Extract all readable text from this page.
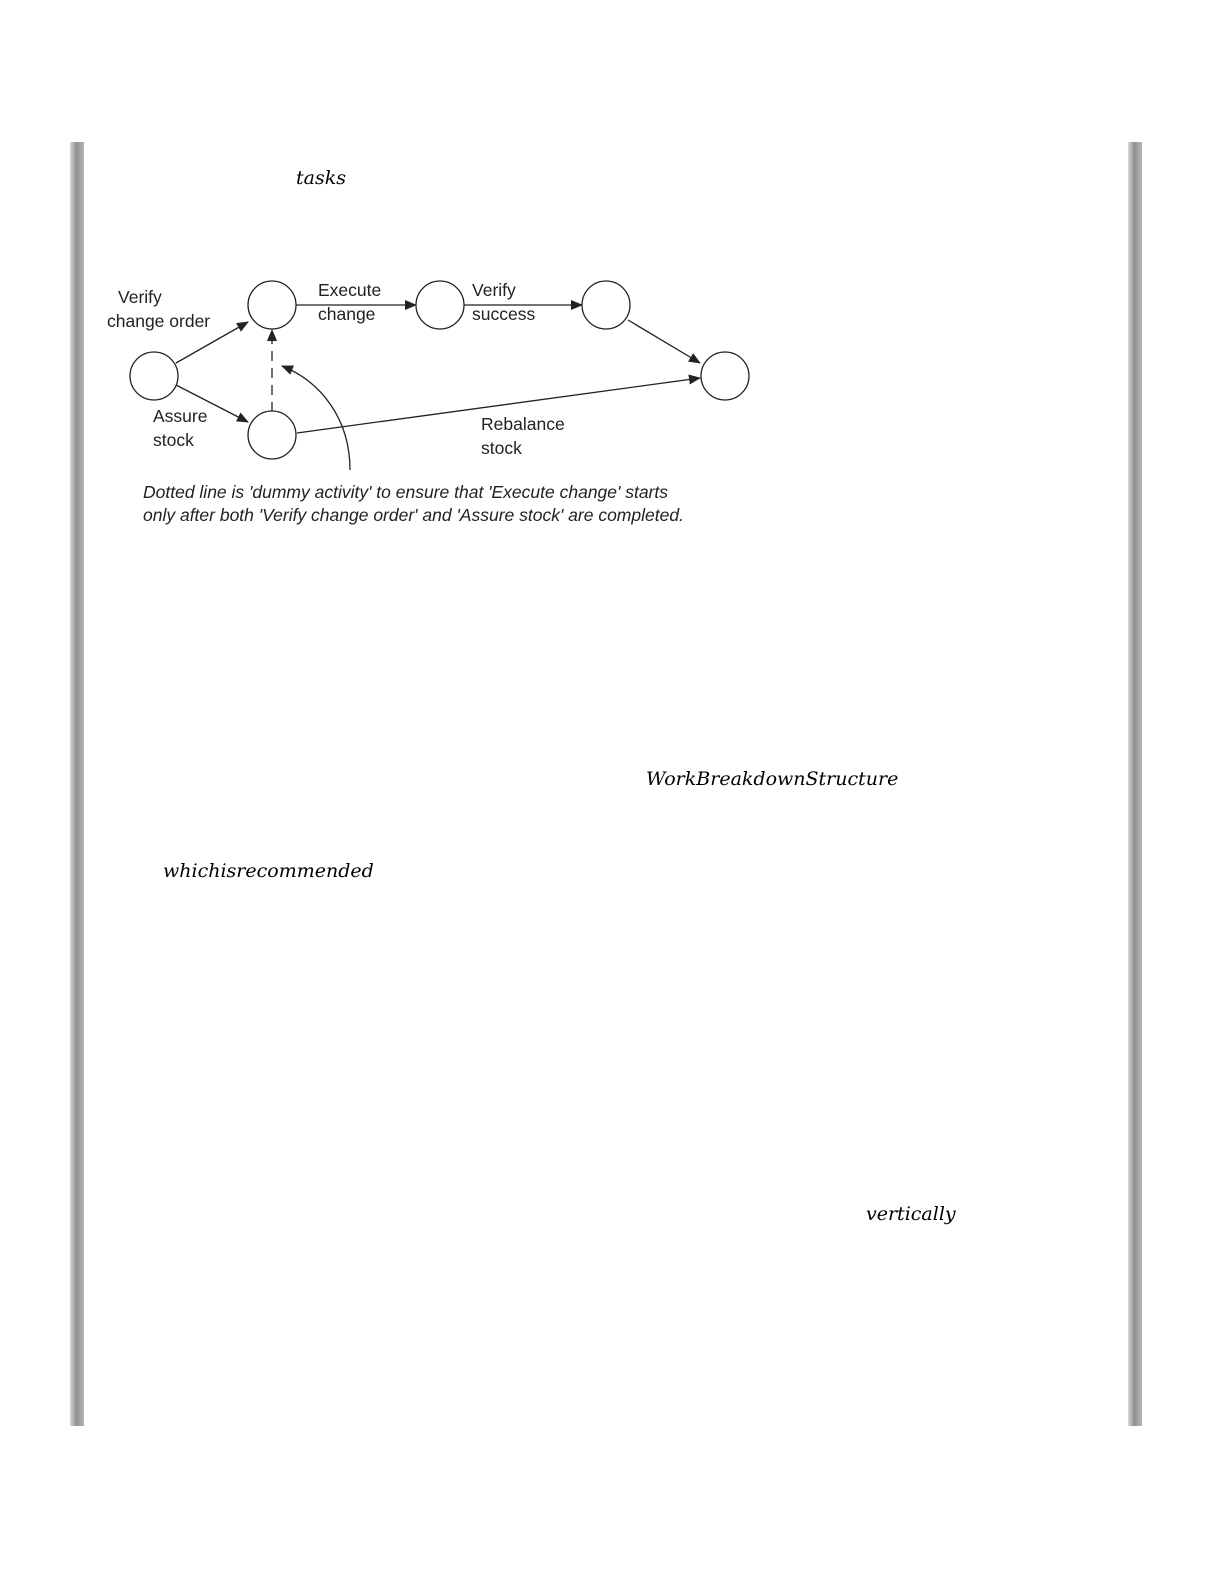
tasks
Verify
change order
Assure
stock
Execute
change
Verify
success
Rebalance
stock
Dotted line is 'dummy activity' to ensure that 'Execute change' starts
only after both 'Verify change order' and 'Assure stock' are completed.
WorkBreakdownStructure
whichisrecommended
vertically
